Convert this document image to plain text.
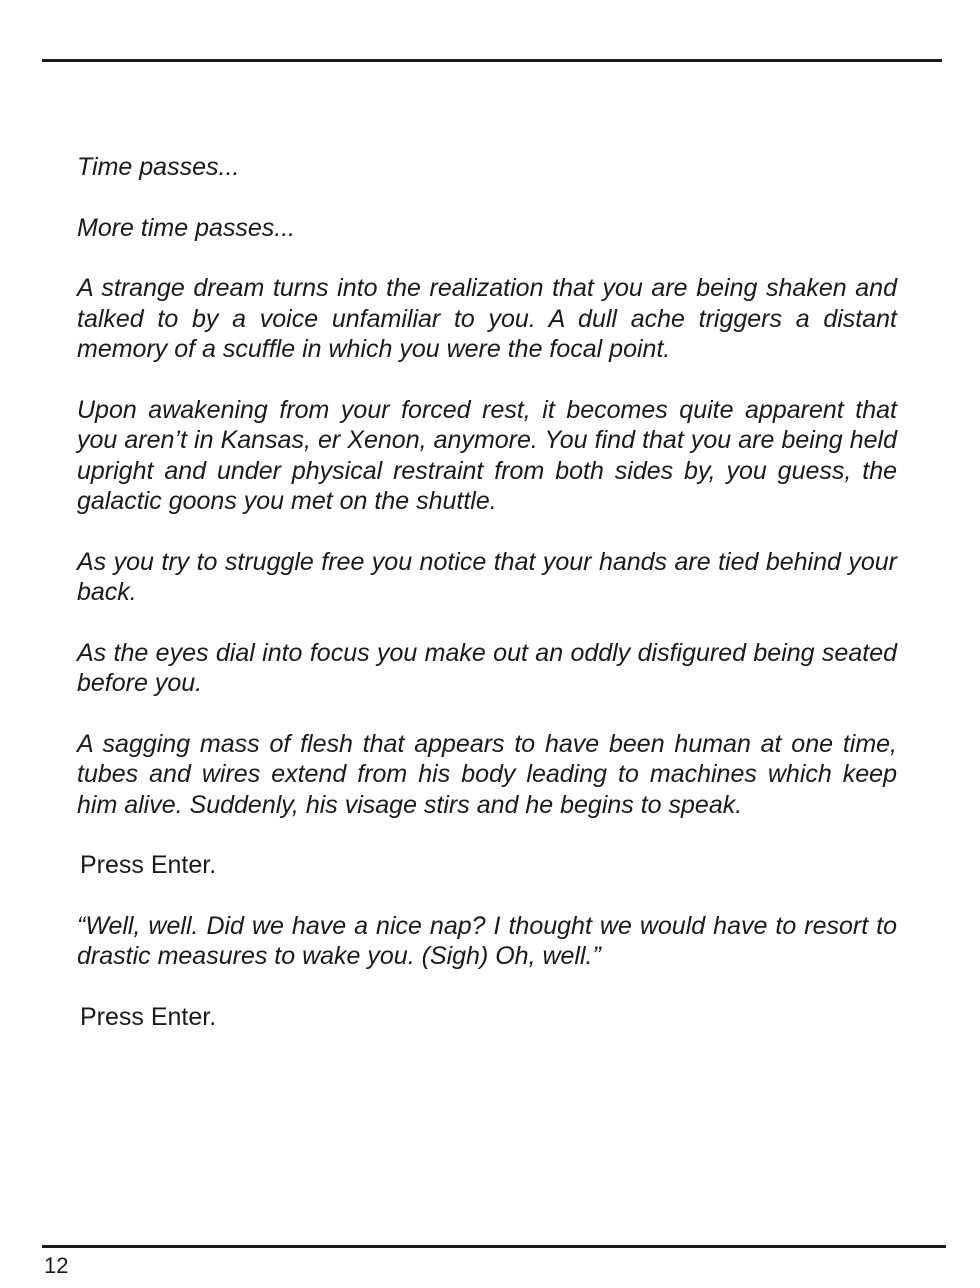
Time passes...

More time passes...

A strange dream turns into the realization that you are being shaken and talked to by a voice unfamiliar to you. A dull ache triggers a distant memory of a scuffle in which you were the focal point.

Upon awakening from your forced rest, it becomes quite apparent that you aren’t in Kansas, er Xenon, anymore. You find that you are being held upright and under physical restraint from both sides by, you guess, the galactic goons you met on the shuttle.

As you try to struggle free you notice that your hands are tied behind your back.

As the eyes dial into focus you make out an oddly disfigured being seated before you.

A sagging mass of flesh that appears to have been human at one time, tubes and wires extend from his body leading to machines which keep him alive. Suddenly, his visage stirs and he begins to speak.

Press Enter.

“Well, well. Did we have a nice nap? I thought we would have to resort to drastic measures to wake you. (Sigh) Oh, well.”

Press Enter.

12
